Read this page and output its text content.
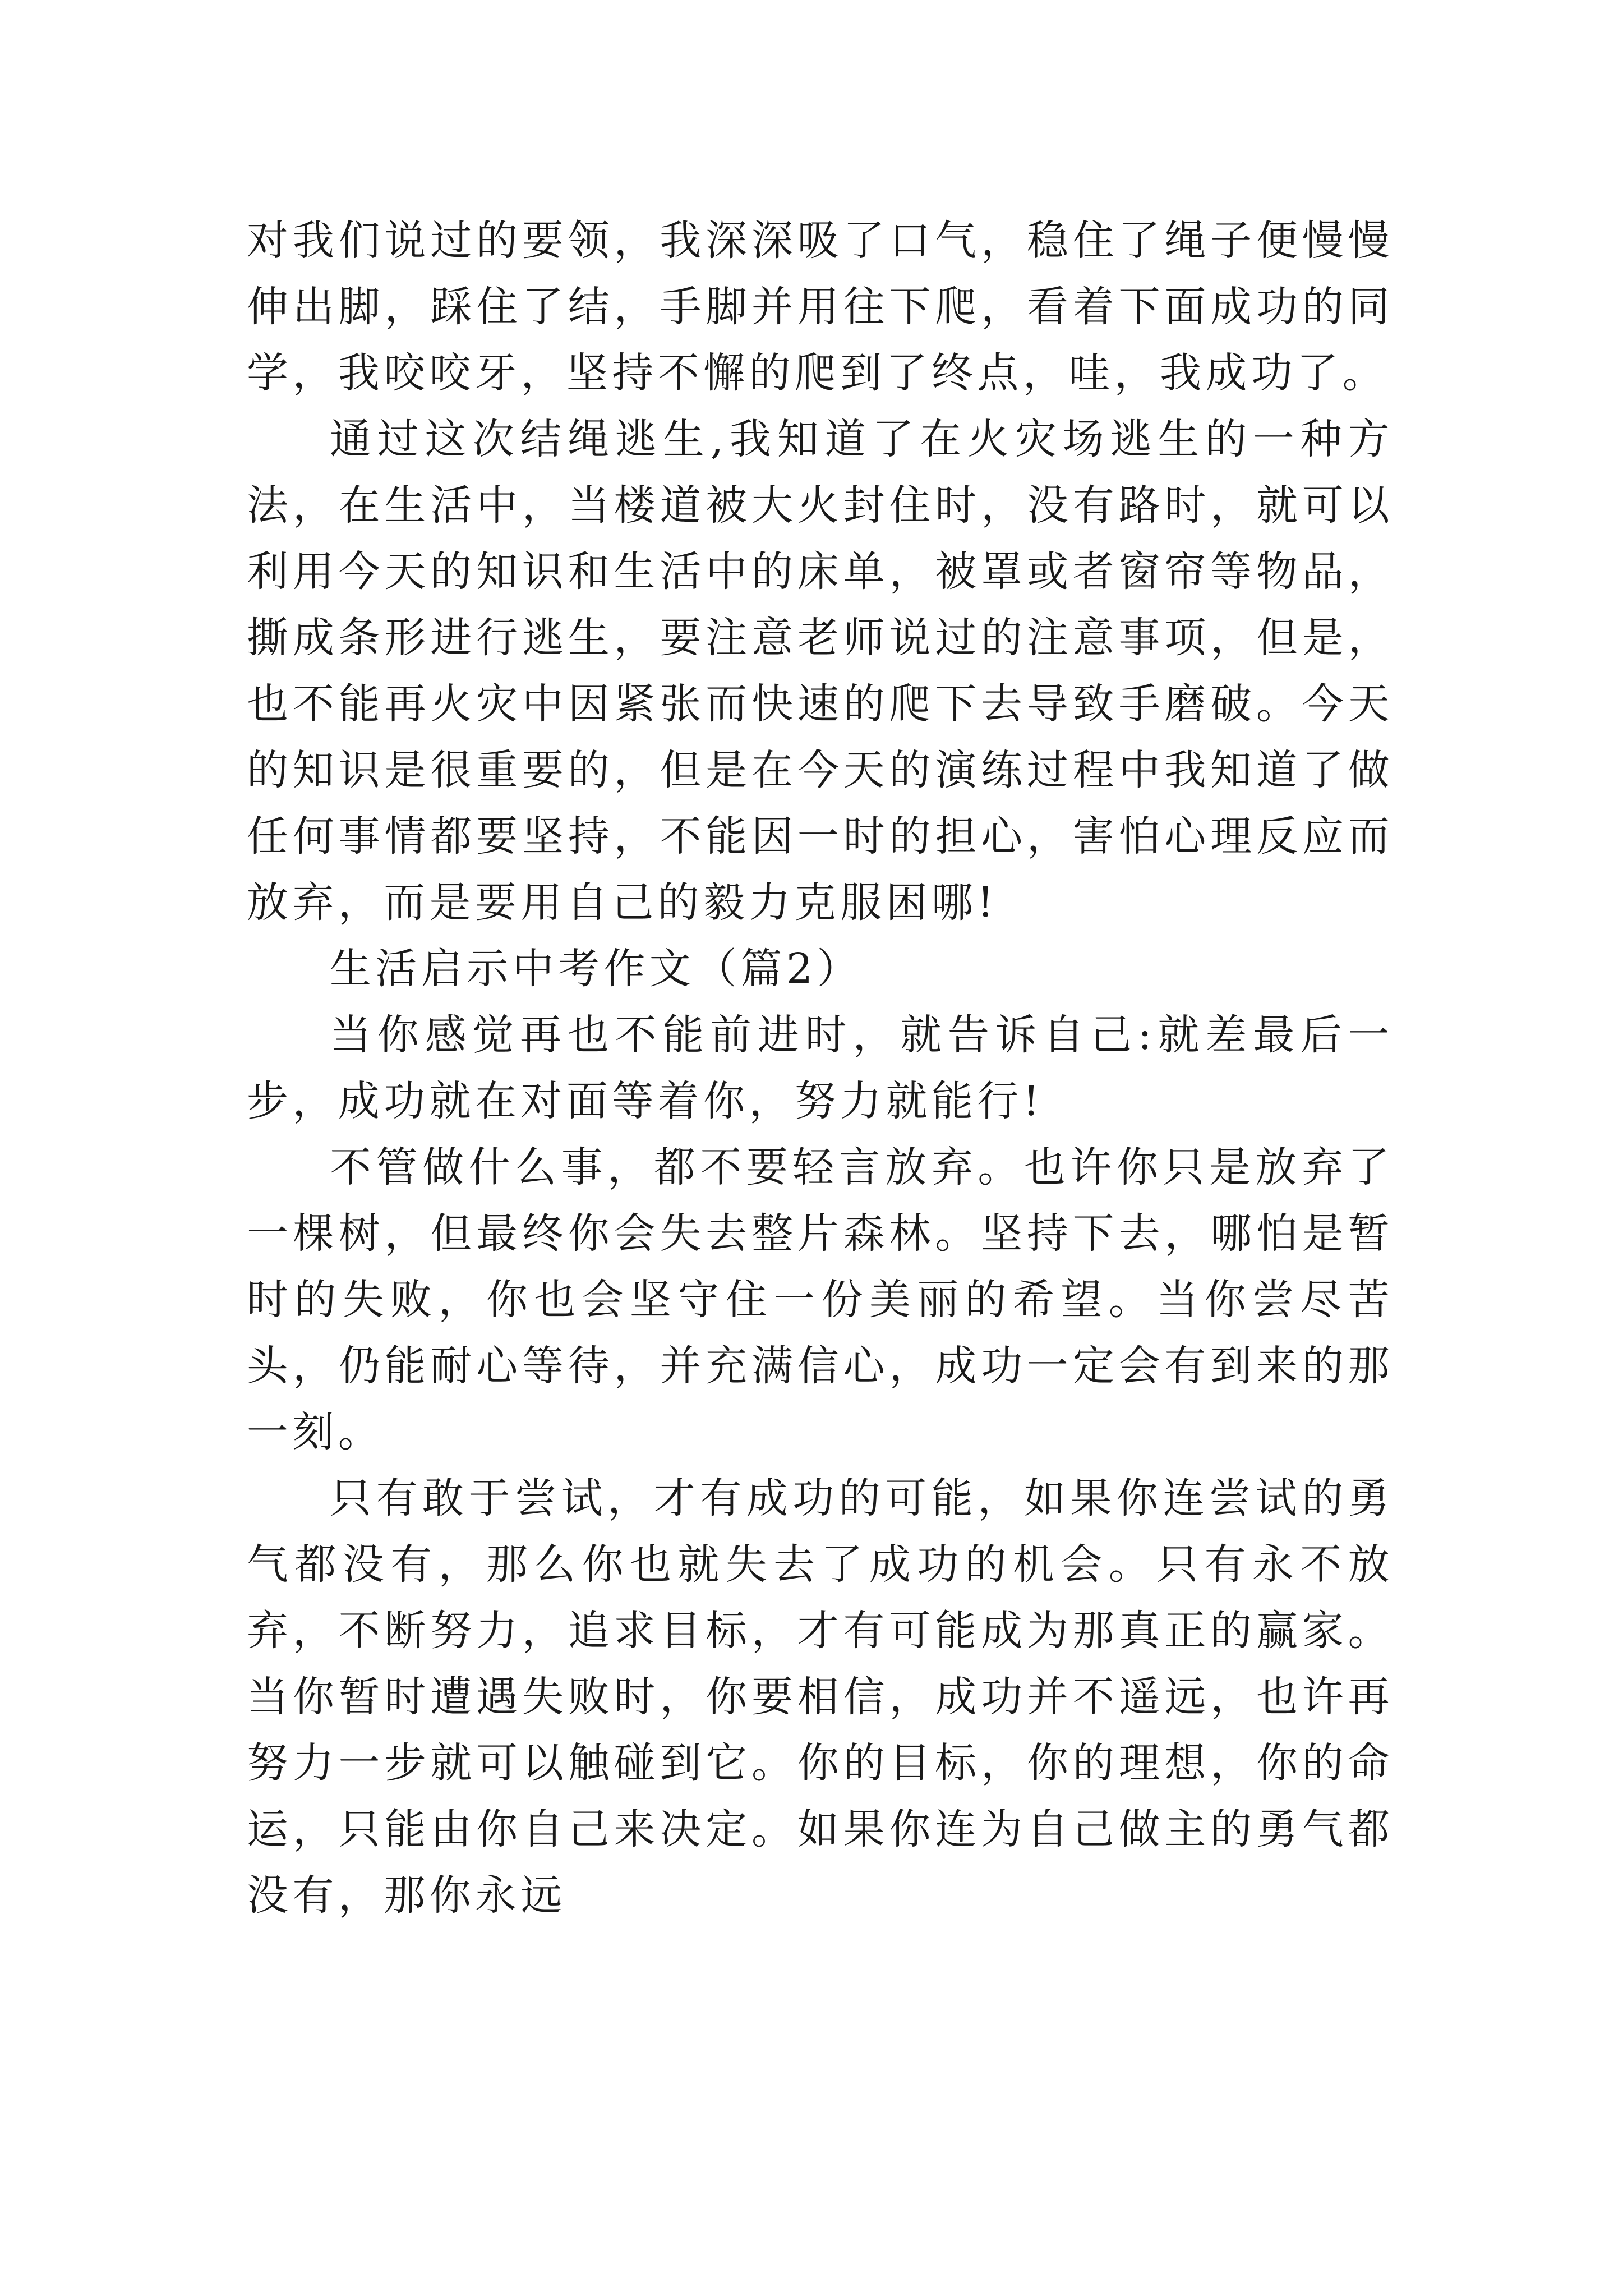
对我们说过的要领，我深深吸了口气，稳住了绳子便慢慢伸出脚，踩住了结，手脚并用往下爬，看着下面成功的同学，我咬咬牙，坚持不懈的爬到了终点，哇，我成功了。

通过这次结绳逃生,我知道了在火灾场逃生的一种方法，在生活中，当楼道被大火封住时，没有路时，就可以利用今天的知识和生活中的床单，被罩或者窗帘等物品，撕成条形进行逃生，要注意老师说过的注意事项，但是，也不能再火灾中因紧张而快速的爬下去导致手磨破。今天的知识是很重要的，但是在今天的演练过程中我知道了做任何事情都要坚持，不能因一时的担心，害怕心理反应而放弃，而是要用自己的毅力克服困哪!

生活启示中考作文（篇2）

当你感觉再也不能前进时，就告诉自己:就差最后一步，成功就在对面等着你，努力就能行!

不管做什么事，都不要轻言放弃。也许你只是放弃了一棵树，但最终你会失去整片森林。坚持下去，哪怕是暂时的失败，你也会坚守住一份美丽的希望。当你尝尽苦头，仍能耐心等待，并充满信心，成功一定会有到来的那一刻。

只有敢于尝试，才有成功的可能，如果你连尝试的勇气都没有，那么你也就失去了成功的机会。只有永不放弃，不断努力，追求目标，才有可能成为那真正的赢家。当你暂时遭遇失败时，你要相信，成功并不遥远，也许再努力一步就可以触碰到它。你的目标，你的理想，你的命运，只能由你自己来决定。如果你连为自己做主的勇气都没有，那你永远
